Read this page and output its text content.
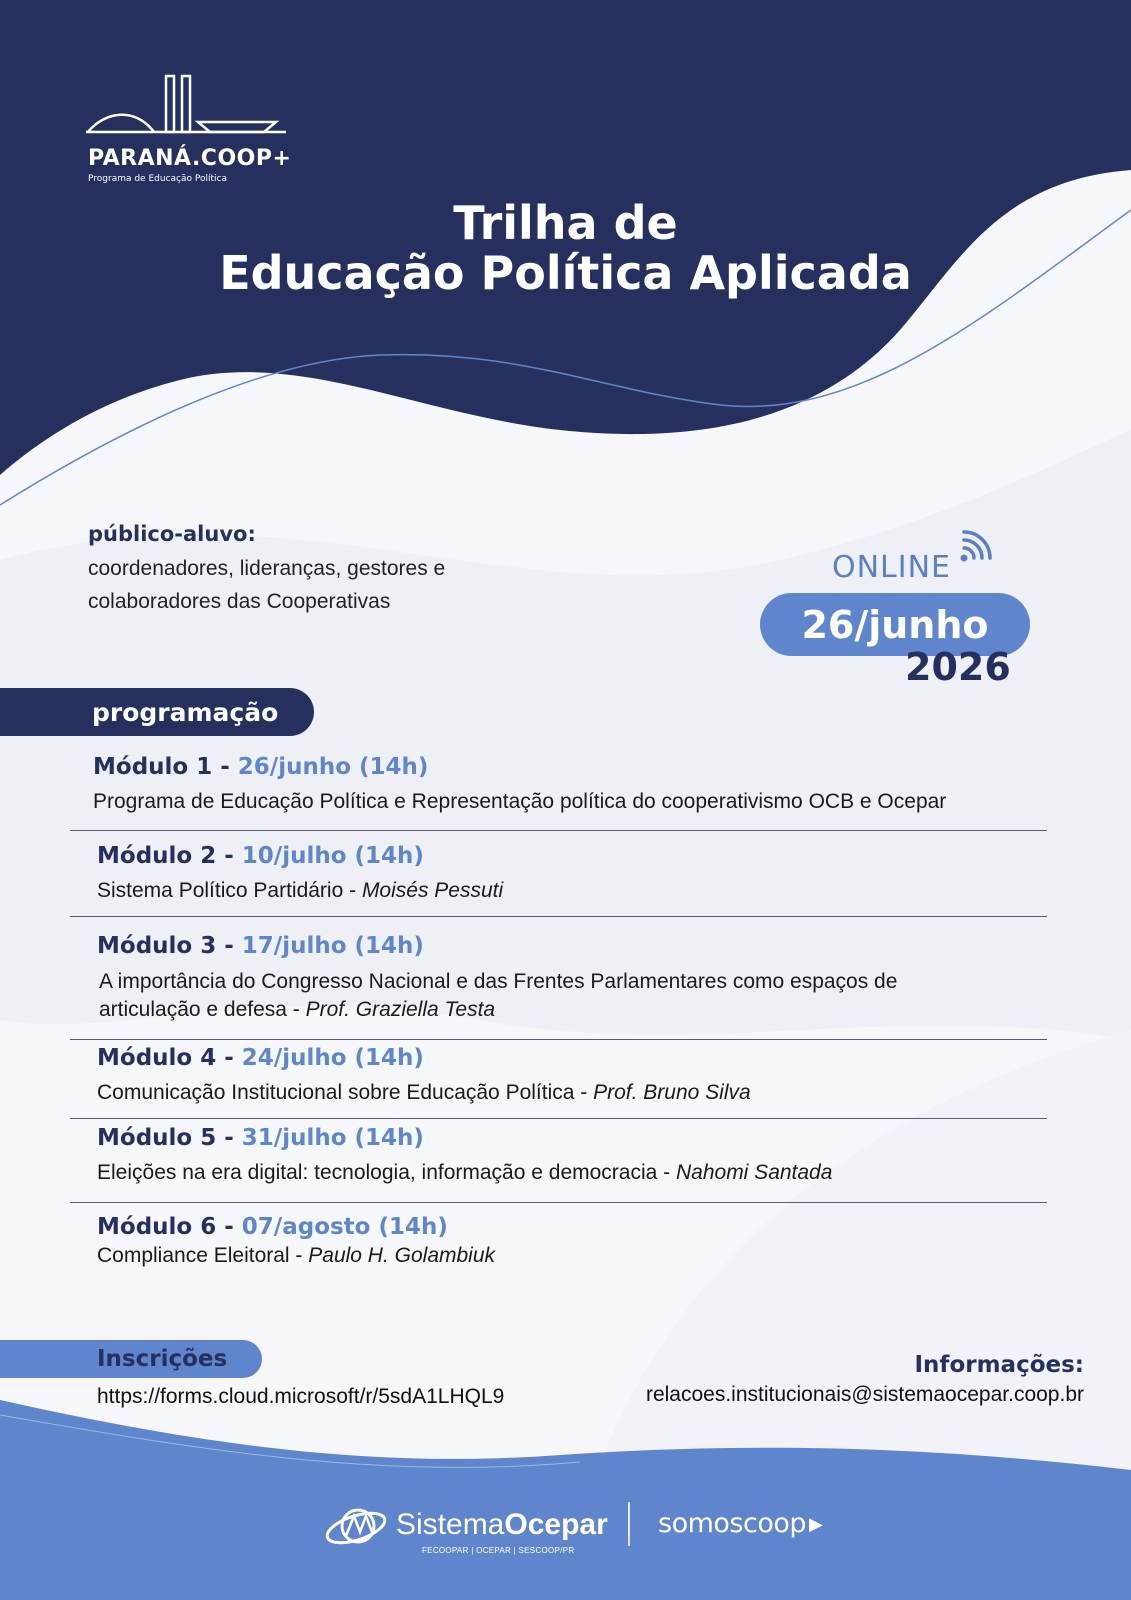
PARANÁ.COOP+
Programa de Educação Política
Trilha de
Educação Política Aplicada
público-aluvo:
coordenadores, lideranças, gestores e
colaboradores das Cooperativas
ONLINE
26/junho
2026
programação
Módulo 1 - 26/junho (14h)
Programa de Educação Política e Representação política do cooperativismo OCB e Ocepar
Módulo 2 - 10/julho (14h)
Sistema Político Partidário - Moisés Pessuti
Módulo 3 - 17/julho (14h)
A importância do Congresso Nacional e das Frentes Parlamentares como espaços de articulação e defesa - Prof. Graziella Testa
Módulo 4 - 24/julho (14h)
Comunicação Institucional sobre Educação Política - Prof. Bruno Silva
Módulo 5 - 31/julho (14h)
Eleições na era digital: tecnologia, informação e democracia - Nahomi Santada
Módulo 6 - 07/agosto (14h)
Compliance Eleitoral - Paulo H. Golambiuk
Inscrições
https://forms.cloud.microsoft/r/5sdA1LHQL9
Informações:
relacoes.institucionais@sistemaocepar.coop.br
SistemaOcepar
FECOOPAR | OCEPAR | SESCOOP/PR
somoscoop ▶
